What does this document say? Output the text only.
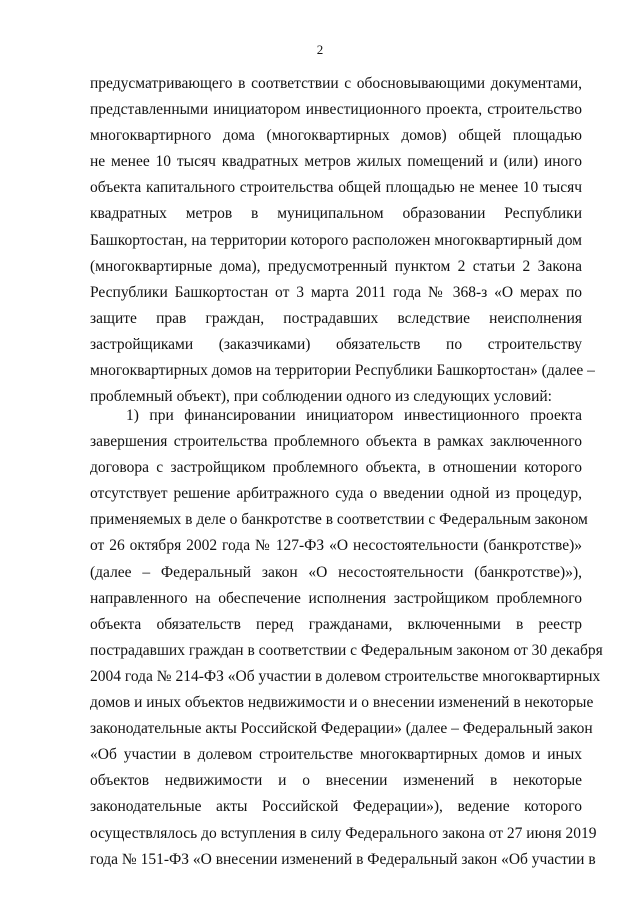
2
предусматривающего в соответствии с обосновывающими документами,
представленными инициатором инвестиционного проекта, строительство
многоквартирного дома (многоквартирных домов) общей площадью
не менее 10 тысяч квадратных метров жилых помещений и (или) иного
объекта капитального строительства общей площадью не менее 10 тысяч
квадратных метров в муниципальном образовании Республики
Башкортостан, на территории которого расположен многоквартирный дом
(многоквартирные дома), предусмотренный пунктом 2 статьи 2 Закона
Республики Башкортостан от 3 марта 2011 года № 368-з «О мерах по
защите прав граждан, пострадавших вследствие неисполнения
застройщиками (заказчиками) обязательств по строительству
многоквартирных домов на территории Республики Башкортостан» (далее –
проблемный объект), при соблюдении одного из следующих условий:
1) при финансировании инициатором инвестиционного проекта
завершения строительства проблемного объекта в рамках заключенного
договора с застройщиком проблемного объекта, в отношении которого
отсутствует решение арбитражного суда о введении одной из процедур,
применяемых в деле о банкротстве в соответствии с Федеральным законом
от 26 октября 2002 года № 127-ФЗ «О несостоятельности (банкротстве)»
(далее – Федеральный закон «О несостоятельности (банкротстве)»),
направленного на обеспечение исполнения застройщиком проблемного
объекта обязательств перед гражданами, включенными в реестр
пострадавших граждан в соответствии с Федеральным законом от 30 декабря
2004 года № 214-ФЗ «Об участии в долевом строительстве многоквартирных
домов и иных объектов недвижимости и о внесении изменений в некоторые
законодательные акты Российской Федерации» (далее – Федеральный закон
«Об участии в долевом строительстве многоквартирных домов и иных
объектов недвижимости и о внесении изменений в некоторые
законодательные акты Российской Федерации»), ведение которого
осуществлялось до вступления в силу Федерального закона от 27 июня 2019
года № 151-ФЗ «О внесении изменений в Федеральный закон «Об участии в
